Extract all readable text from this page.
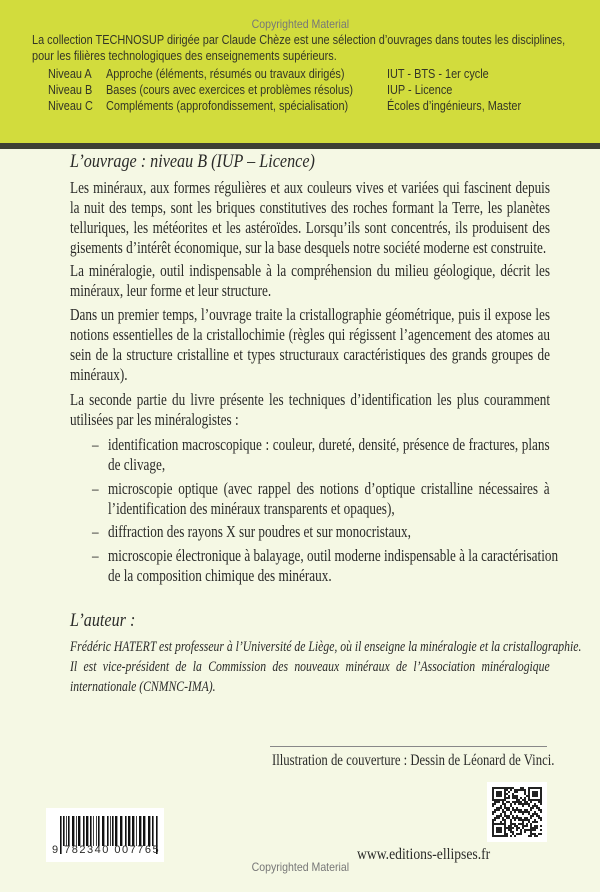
Copyrighted Material
La collection TECHNOSUP dirigée par Claude Chèze est une sélection d’ouvrages dans toutes les disciplines,
pour les filières technologiques des enseignements supérieurs.
Niveau A Approche (éléments, résumés ou travaux dirigés)	IUT - BTS - 1er cycle
Niveau B Bases (cours avec exercices et problèmes résolus)	IUP - Licence
Niveau C Compléments (approfondissement, spécialisation)	Écoles d’ingénieurs, Master
L’ouvrage : niveau B (IUP – Licence)
Les minéraux, aux formes régulières et aux couleurs vives et variées qui fascinent depuis
la nuit des temps, sont les briques constitutives des roches formant la Terre, les planètes
telluriques, les météorites et les astéroïdes. Lorsqu’ils sont concentrés, ils produisent des
gisements d’intérêt économique, sur la base desquels notre société moderne est construite.
La minéralogie, outil indispensable à la compréhension du milieu géologique, décrit les
minéraux, leur forme et leur structure.
Dans un premier temps, l’ouvrage traite la cristallographie géométrique, puis il expose les
notions essentielles de la cristallochimie (règles qui régissent l’agencement des atomes au
sein de la structure cristalline et types structuraux caractéristiques des grands groupes de
minéraux).
La seconde partie du livre présente les techniques d’identification les plus couramment
utilisées par les minéralogistes :
– identification macroscopique : couleur, dureté, densité, présence de fractures, plans
de clivage,
– microscopie optique (avec rappel des notions d’optique cristalline nécessaires à
l’identification des minéraux transparents et opaques),
– diffraction des rayons X sur poudres et sur monocristaux,
– microscopie électronique à balayage, outil moderne indispensable à la caractérisation
de la composition chimique des minéraux.
L’auteur :
Frédéric HATERT est professeur à l’Université de Liège, où il enseigne la minéralogie et la cristallographie.
Il est vice-président de la Commission des nouveaux minéraux de l’Association minéralogique
internationale (CNMNC-IMA).
Illustration de couverture : Dessin de Léonard de Vinci.
9 782340 007765	www.editions-ellipses.fr
Copyrighted Material
